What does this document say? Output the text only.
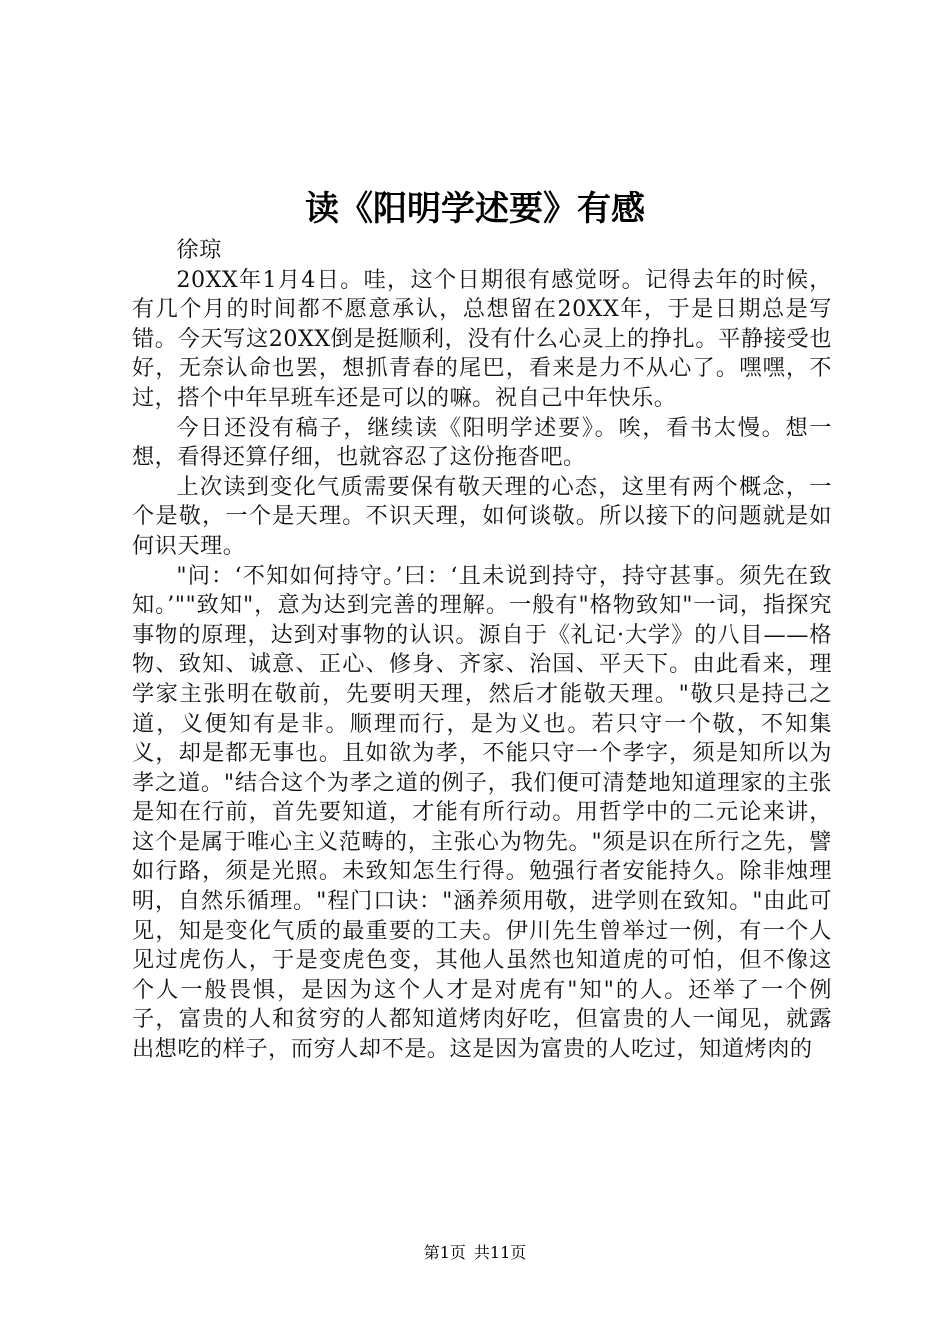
读《阳明学述要》有感

徐琼

20XX年1月4日。哇，这个日期很有感觉呀。记得去年的时候，有几个月的时间都不愿意承认，总想留在20XX年，于是日期总是写错。今天写这20XX倒是挺顺利，没有什么心灵上的挣扎。平静接受也好，无奈认命也罢，想抓青春的尾巴，看来是力不从心了。嘿嘿，不过，搭个中年早班车还是可以的嘛。祝自己中年快乐。

今日还没有稿子，继续读《阳明学述要》。唉，看书太慢。想一想，看得还算仔细，也就容忍了这份拖沓吧。

上次读到变化气质需要保有敬天理的心态，这里有两个概念，一个是敬，一个是天理。不识天理，如何谈敬。所以接下的问题就是如何识天理。

"问：‘不知如何持守。’曰：‘且未说到持守，持守甚事。须先在致知。’""致知"，意为达到完善的理解。一般有"格物致知"一词，指探究事物的原理，达到对事物的认识。源自于《礼记·大学》的八目——格物、致知、诚意、正心、修身、齐家、治国、平天下。由此看来，理学家主张明在敬前，先要明天理，然后才能敬天理。"敬只是持己之道，义便知有是非。顺理而行，是为义也。若只守一个敬，不知集义，却是都无事也。且如欲为孝，不能只守一个孝字，须是知所以为孝之道。"结合这个为孝之道的例子，我们便可清楚地知道理家的主张是知在行前，首先要知道，才能有所行动。用哲学中的二元论来讲，这个是属于唯心主义范畴的，主张心为物先。"须是识在所行之先，譬如行路，须是光照。未致知怎生行得。勉强行者安能持久。除非烛理明，自然乐循理。"程门口诀："涵养须用敬，进学则在致知。"由此可见，知是变化气质的最重要的工夫。伊川先生曾举过一例，有一个人见过虎伤人，于是变虎色变，其他人虽然也知道虎的可怕，但不像这个人一般畏惧，是因为这个人才是对虎有"知"的人。还举了一个例子，富贵的人和贫穷的人都知道烤肉好吃，但富贵的人一闻见，就露出想吃的样子，而穷人却不是。这是因为富贵的人吃过，知道烤肉的

第1页 共11页
